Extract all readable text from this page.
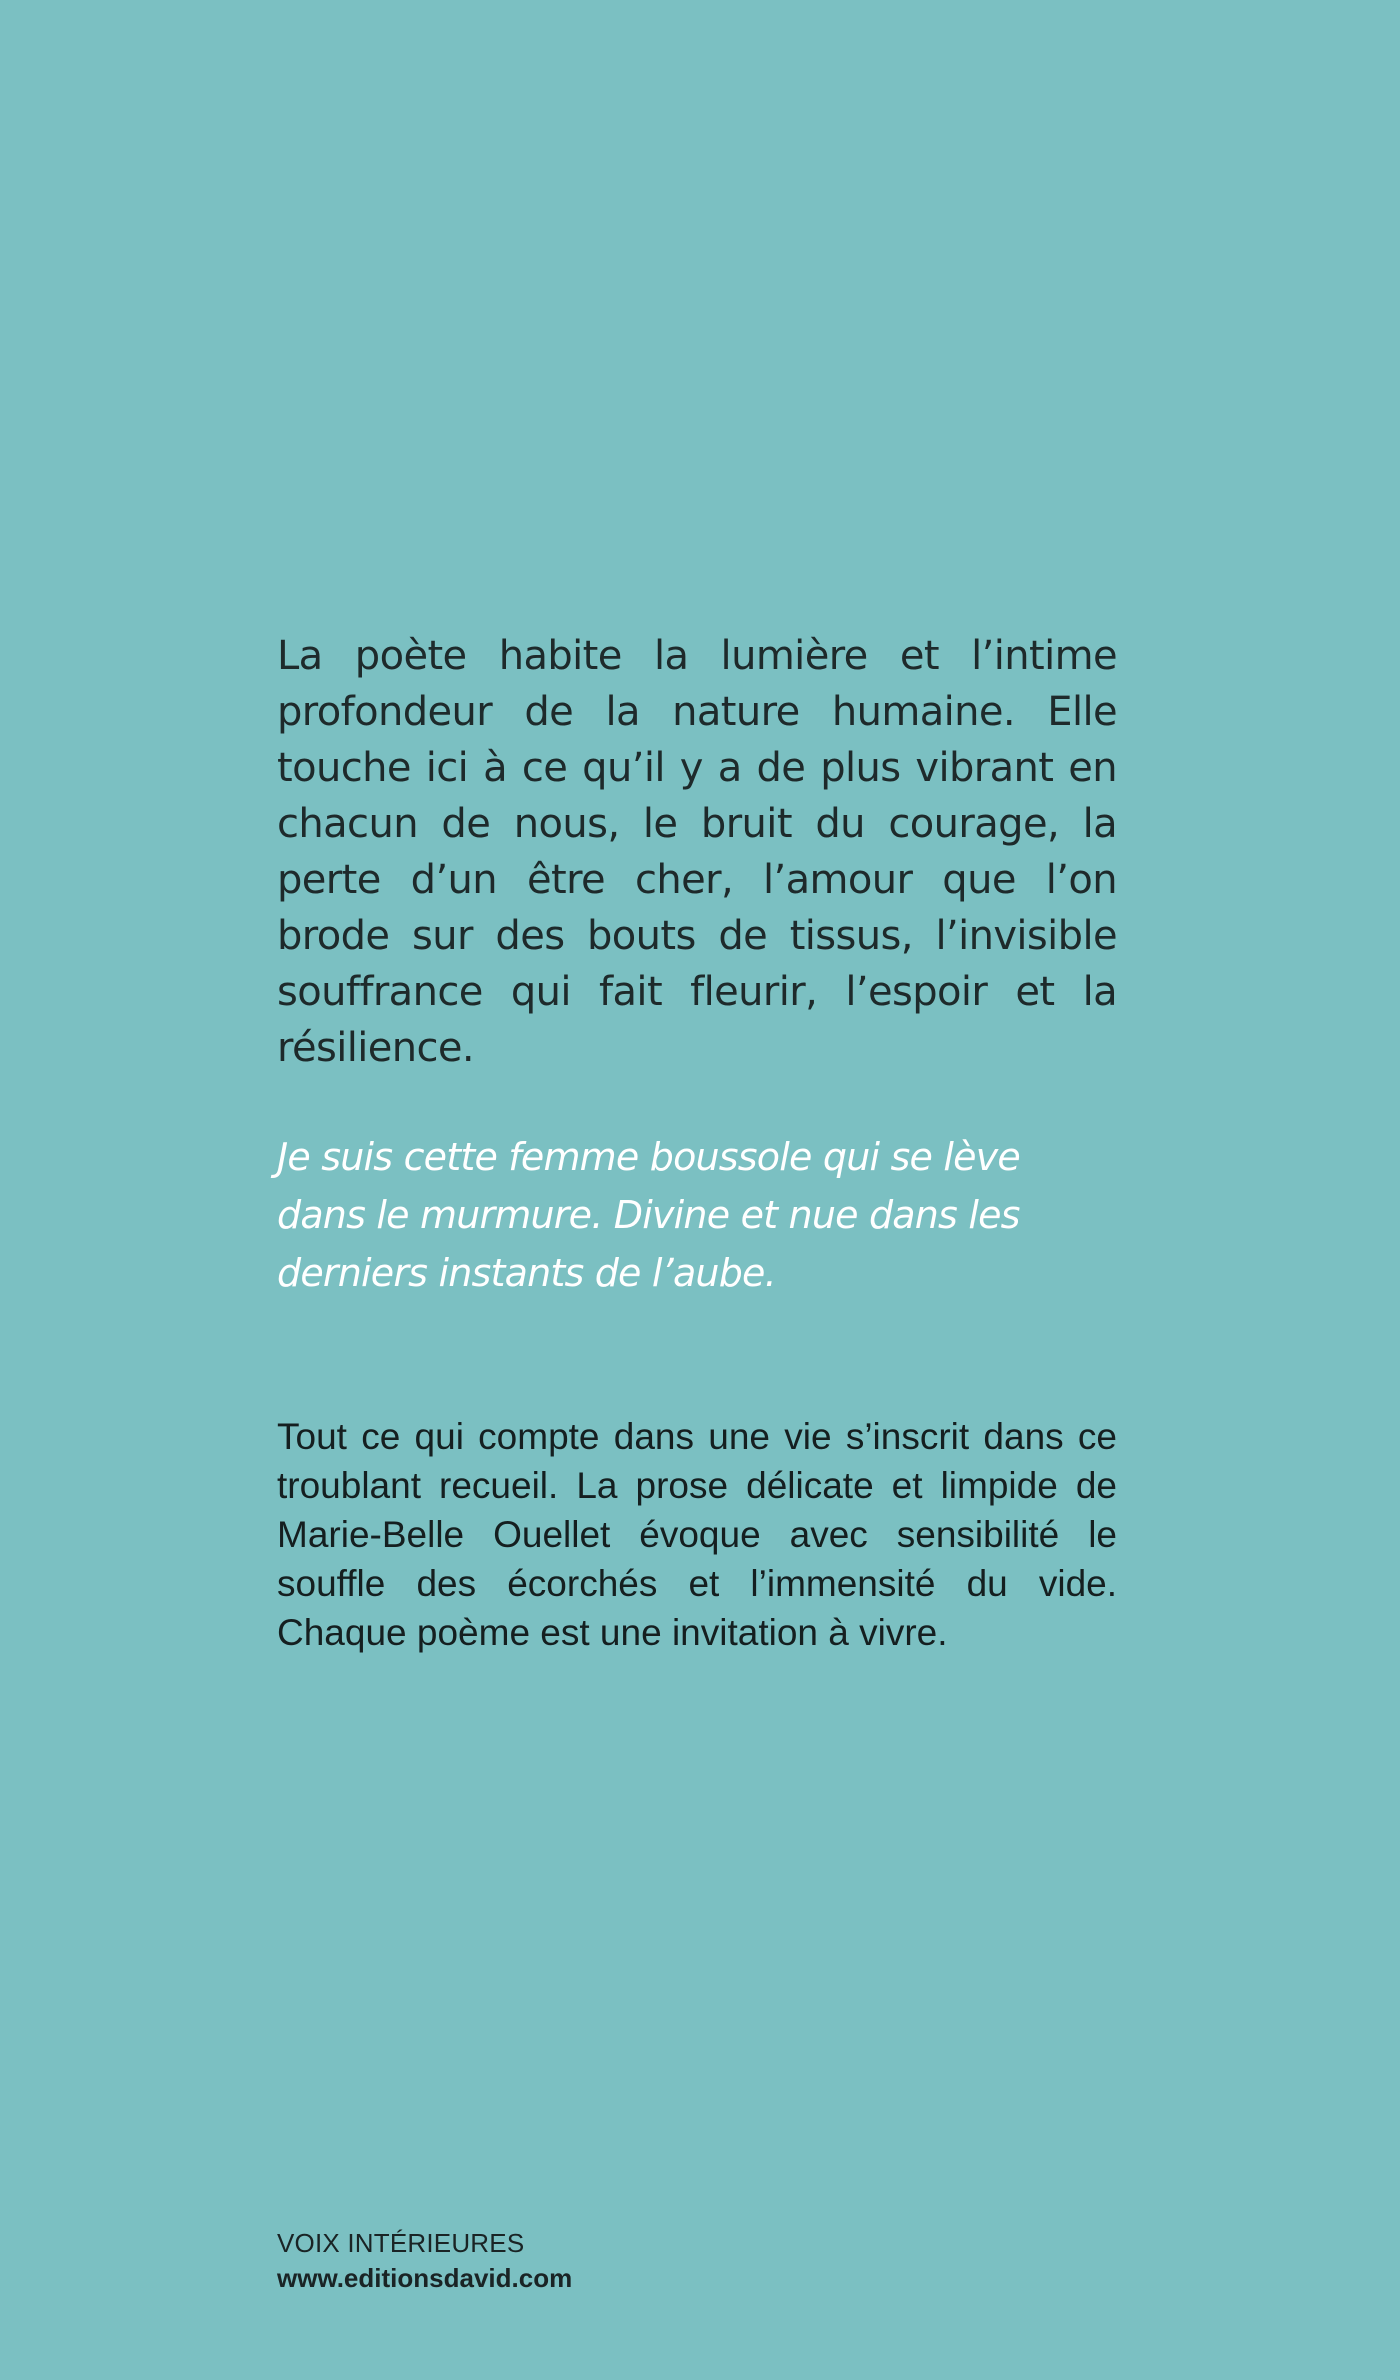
La poète habite la lumière et l’intime profondeur de la nature humaine. Elle touche ici à ce qu’il y a de plus vibrant en chacun de nous, le bruit du courage, la perte d’un être cher, l’amour que l’on brode sur des bouts de tissus, l’invisible souffrance qui fait fleurir, l’espoir et la résilience.

Je suis cette femme boussole qui se lève dans le murmure. Divine et nue dans les derniers instants de l’aube.

Tout ce qui compte dans une vie s’inscrit dans ce troublant recueil. La prose délicate et limpide de Marie-Belle Ouellet évoque avec sensibilité le souffle des écorchés et l’immensité du vide. Chaque poème est une invitation à vivre.

VOIX INTÉRIEURES
www.editionsdavid.com
